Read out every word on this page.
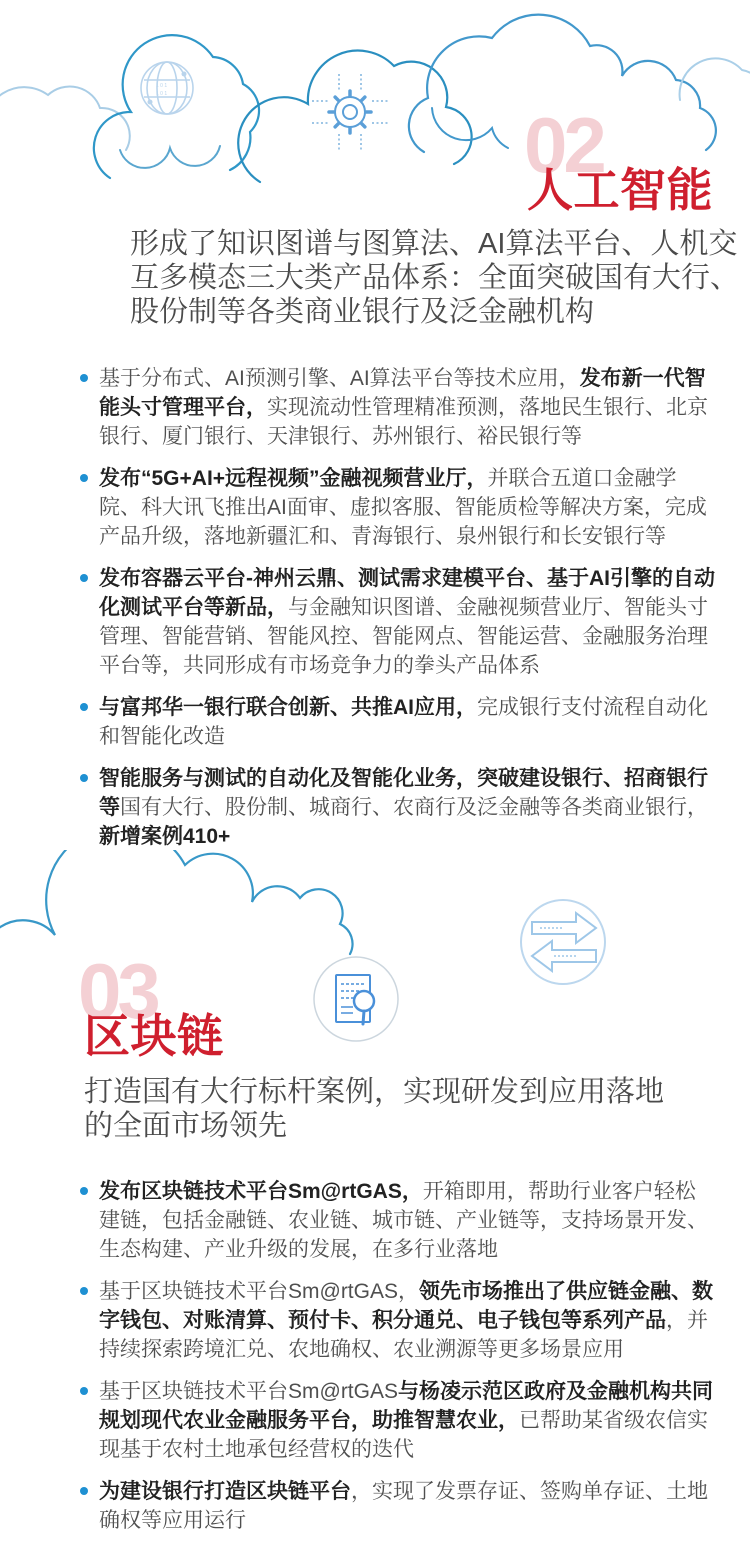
1 0 1
1 0 1
02
人工智能

形成了知识图谱与图算法、AI算法平台、人机交互多模态三大类产品体系：全面突破国有大行、股份制等各类商业银行及泛金融机构

基于分布式、AI预测引擎、AI算法平台等技术应用，发布新一代智能头寸管理平台，实现流动性管理精准预测，落地民生银行、北京银行、厦门银行、天津银行、苏州银行、裕民银行等
发布“5G+AI+远程视频”金融视频营业厅，并联合五道口金融学院、科大讯飞推出AI面审、虚拟客服、智能质检等解决方案，完成产品升级，落地新疆汇和、青海银行、泉州银行和长安银行等
发布容器云平台-神州云鼎、测试需求建模平台、基于AI引擎的自动化测试平台等新品，与金融知识图谱、金融视频营业厅、智能头寸管理、智能营销、智能风控、智能网点、智能运营、金融服务治理平台等，共同形成有市场竞争力的拳头产品体系
与富邦华一银行联合创新、共推AI应用，完成银行支付流程自动化和智能化改造
智能服务与测试的自动化及智能化业务，突破建设银行、招商银行等国有大行、股份制、城商行、农商行及泛金融等各类商业银行，新增案例410+
03
区块链

打造国有大行标杆案例，实现研发到应用落地的全面市场领先

发布区块链技术平台Sm@rtGAS，开箱即用，帮助行业客户轻松建链，包括金融链、农业链、城市链、产业链等，支持场景开发、生态构建、产业升级的发展，在多行业落地
基于区块链技术平台Sm@rtGAS，领先市场推出了供应链金融、数字钱包、对账清算、预付卡、积分通兑、电子钱包等系列产品，并持续探索跨境汇兑、农地确权、农业溯源等更多场景应用
基于区块链技术平台Sm@rtGAS与杨凌示范区政府及金融机构共同规划现代农业金融服务平台，助推智慧农业，已帮助某省级农信实现基于农村土地承包经营权的迭代
为建设银行打造区块链平台，实现了发票存证、签购单存证、土地确权等应用运行
